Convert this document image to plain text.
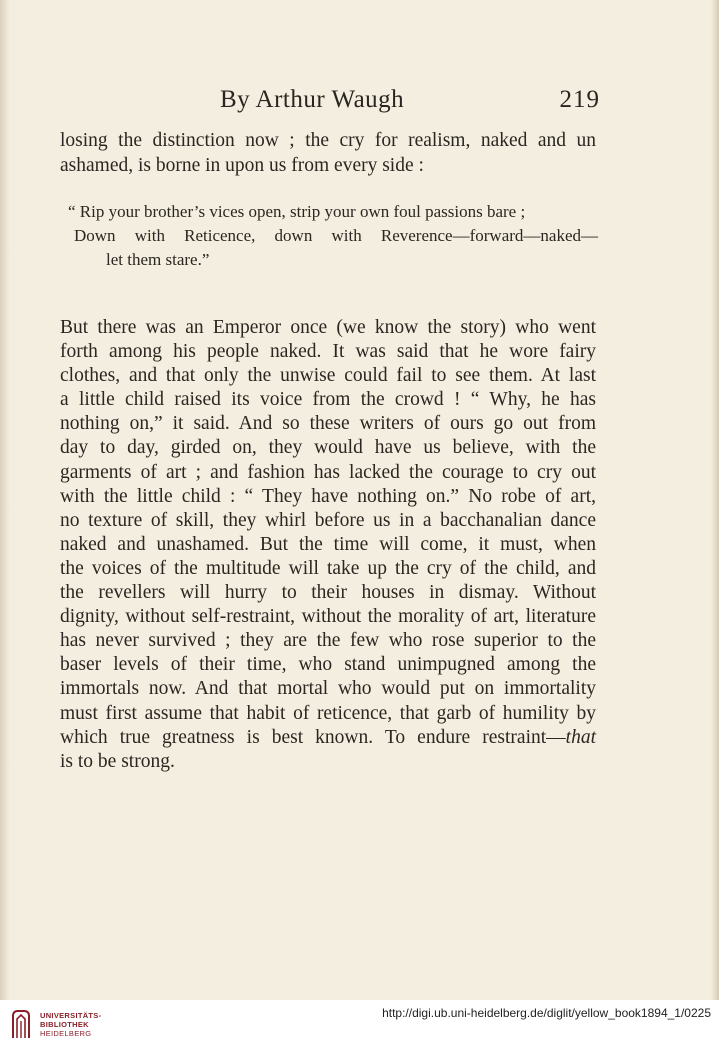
By Arthur Waugh	219
losing the distinction now ; the cry for realism, naked and un
ashamed, is borne in upon us from every side :
“ Rip your brother’s vices open, strip your own foul passions bare ;
Down with Reticence, down with Reverence—forward—naked—
let them stare.”
But there was an Emperor once (we know the story) who went
forth among his people naked. It was said that he wore fairy
clothes, and that only the unwise could fail to see them. At last
a little child raised its voice from the crowd ! “ Why, he has
nothing on,” it said. And so these writers of ours go out from
day to day, girded on, they would have us believe, with the
garments of art ; and fashion has lacked the courage to cry out
with the little child : “ They have nothing on.” No robe of art,
no texture of skill, they whirl before us in a bacchanalian dance
naked and unashamed. But the time will come, it must, when
the voices of the multitude will take up the cry of the child, and
the revellers will hurry to their houses in dismay. Without
dignity, without self-restraint, without the morality of art, literature
has never survived ; they are the few who rose superior to the
baser levels of their time, who stand unimpugned among the
immortals now. And that mortal who would put on immortality
must first assume that habit of reticence, that garb of humility by
which true greatness is best known. To endure restraint—that
is to be strong.
UNIVERSITÄTS-
BIBLIOTHEK
HEIDELBERG
http://digi.ub.uni-heidelberg.de/diglit/yellow_book1894_1/0225
